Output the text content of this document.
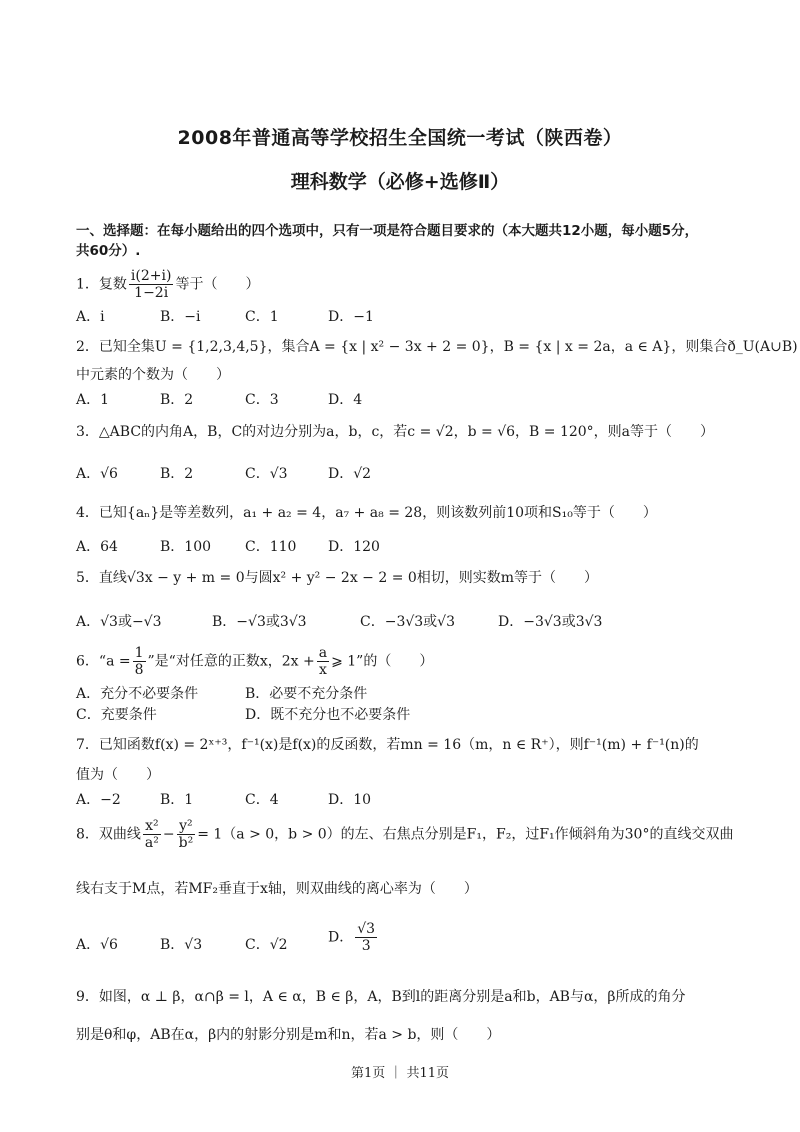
2008年普通高等学校招生全国统一考试（陕西卷）
理科数学（必修+选修Ⅱ）
一、选择题：在每小题给出的四个选项中，只有一项是符合题目要求的（本大题共12小题，每小题5分，
共60分）.
1．复数 $\frac{i(2+i)}{1-2i}$ 等于（　　）
A．i	B．−i	C．1	D．−1
2．已知全集U = {1,2,3,4,5}，集合A = {x | x² − 3x + 2 = 0}，B = {x | x = 2a，a ∈ A}，则集合ð_U(A∪B)
中元素的个数为（　　）
A．1	B．2	C．3	D．4
3．△ABC的内角A，B，C的对边分别为a，b，c，若c = √2，b = √6，B = 120°，则a等于（　　）
A．√6	B．2	C．√3	D．√2
4．已知{aₙ}是等差数列，a₁ + a₂ = 4，a₇ + a₈ = 28，则该数列前10项和S₁₀等于（　　）
A．64	B．100 C．110 D．120
5．直线√3x − y + m = 0与圆x² + y² − 2x − 2 = 0相切，则实数m等于（　　）
A．√3或−√3	B．−√3或3√3	C．−3√3或√3	D．−3√3或3√3
6．“$a = \frac{1}{8}$ ”是“对任意的正数x，$2x + \frac{a}{x}$ ⩾ 1”的（　　）
A．充分不必要条件	B．必要不充分条件
C．充要条件	D．既不充分也不必要条件
7．已知函数f(x) = 2ˣ⁺³，f⁻¹(x)是f(x)的反函数，若mn = 16（m，n ∈ R⁺），则f⁻¹(m) + f⁻¹(n)的
值为（　　）
A．−2	B．1	C．4	D．10
8．双曲线 $\frac{\text{x²}}{\text{a²}} - \frac{\text{y²}}{\text{b²}} = 1(a > 0$，b > 0）的左、右焦点分别是F₁，F₂，过F₁作倾斜角为30°的直线交双曲
线右支于M点，若MF₂垂直于x轴，则双曲线的离心率为（　　）
A．√6	B．√3	C．√2	D． $\frac{√3}{3}$
9．如图，α ⊥ β，α∩β = l，A ∈ α，B ∈ β，A，B到l的距离分别是a和b，AB与α，β所成的角分
别是θ和φ，AB在α，β内的射影分别是m和n，若a > b，则（　　）
第1页 ｜ 共11页
